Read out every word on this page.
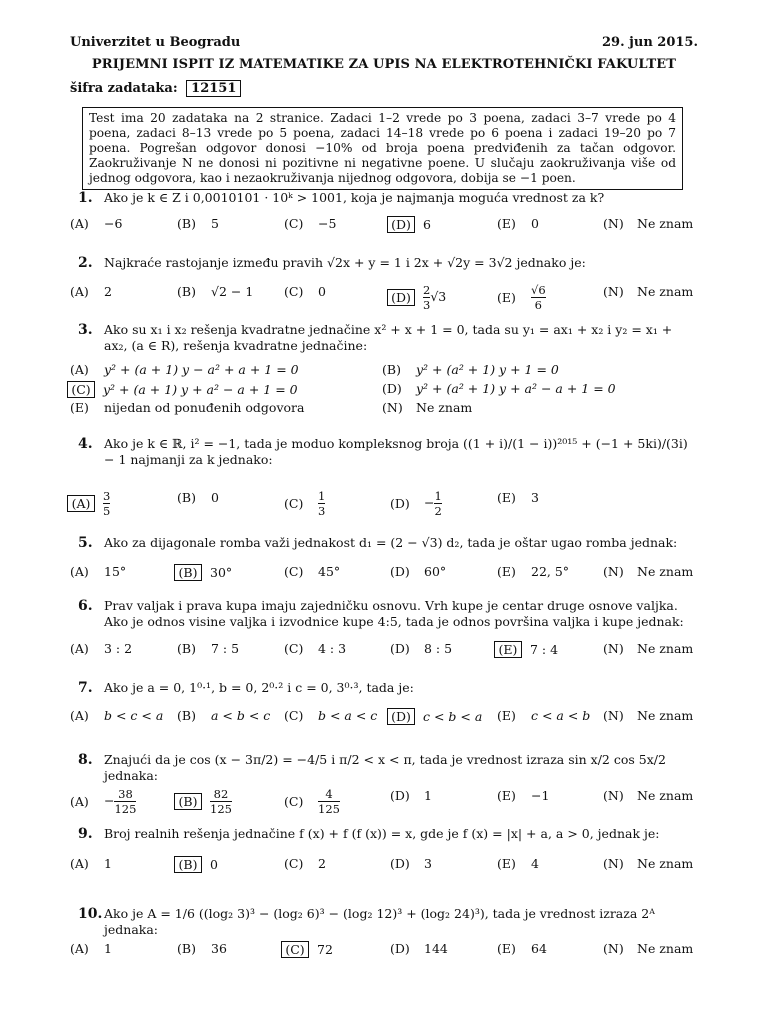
Univerzitet u Beogradu	29. jun 2015.
PRIJEMNI ISPIT IZ MATEMATIKE ZA UPIS NA ELEKTROTEHNIČKI FAKULTET
šifra zadataka: 12151
Test ima 20 zadataka na 2 stranice. Zadaci 1–2 vrede po 3 poena, zadaci 3–7 vrede po 4 poena, zadaci 8–13 vrede po 5 poena, zadaci 14–18 vrede po 6 poena i zadaci 19–20 po 7 poena. Pogrešan odgovor donosi −10% od broja poena predviđenih za tačan odgovor. Zaokruživanje N ne donosi ni pozitivne ni negativne poene. U slučaju zaokruživanja više od jednog odgovora, kao i nezaokruživanja nijednog odgovora, dobija se −1 poen.
1. Ako je k ∈ Z i 0,0010101 · 10ᵏ > 1001, koja je najmanja moguća vrednost za k?
(A)	−6	(B)	5	(C)	−5	(D) 6	(E)	0	(N)	Ne znam
2. Najkraće rastojanje između pravih √2x + y = 1 i 2x + √2y = 3√2 jednako je:
(A)	2	(B)	√2 − 1 (C)	0	(D)	$\frac{2}{3} √3$	(E)	$\frac{√6}{6}$	(N)	Ne znam
3. Ako su x₁ i x₂ rešenja kvadratne jednačine x² + x + 1 = 0, tada su y₁ = ax₁ + x₂ i y₂ = x₁ + ax₂, (a ∈ R), rešenja kvadratne jednačine:
(A)	y² + (a + 1) y − a² + a + 1 = 0	(B)	y² + (a² + 1) y + 1 = 0
(C) y² + (a + 1) y + a² − a + 1 = 0	(D)	y² + (a² + 1) y + a² − a + 1 = 0
(E)	nijedan od ponuđenih odgovora	(N)	Ne znam
4. Ako je k ∈ ℝ, i² = −1, tada je moduo kompleksnog broja ((1 + i)/(1 − i))²⁰¹⁵ + (−1 + 5ki)/(3i) − 1 najmanji za k jednako:
(A)	$\frac{3}{5}$	(B)	0	(C)	$\frac{1}{3}$	(D)	− $\frac{1}{2}$	(E)	3
5. Ako za dijagonale romba važi jednakost d₁ = (2 − √3) d₂, tada je oštar ugao romba jednak:
(A)	15°	(B)	30°	(C)	45°	(D)	60°	(E)	22, 5°	(N)	Ne znam
6. Prav valjak i prava kupa imaju zajedničku osnovu. Vrh kupe je centar druge osnove valjka. Ako je odnos visine valjka i izvodnice kupe 4:5, tada je odnos površina valjka i kupe jednak:
(A)	3 : 2	(B)	7 : 5	(C)	4 : 3	(D)	8 : 5	(E)	7 : 4	(N)	Ne znam
7. Ako je a = 0, 1⁰·¹, b = 0, 2⁰·² i c = 0, 3⁰·³, tada je:
(A)	b < c < a (B)	a < b < c (C)	b < a < c	(D) c < b < a (E)	c < a < b (N)	Ne znam
8. Znajući da je cos (x − 3π/2) = −4/5 i π/2 < x < π, tada je vrednost izraza sin x/2 cos 5x/2 jednaka:
(A)	− $\frac{38}{125}$	(B)	$\frac{82}{125}$	(C)	$\frac{4}{125}$	(D)	1	(E)	−1	(N)	Ne znam
9. Broj realnih rešenja jednačine f (x) + f (f (x)) = x, gde je f (x) = |x| + a, a > 0, jednak je:
(A)	1	(B)	0	(C)	2	(D)	3	(E)	4	(N)	Ne znam
10. Ako je A = 1/6 ((log₂ 3)³ − (log₂ 6)³ − (log₂ 12)³ + (log₂ 24)³), tada je vrednost izraza 2ᴬ jednaka:
(A)	1	(B)	36	(C) 72	(D)	144	(E)	64	(N)	Ne znam
